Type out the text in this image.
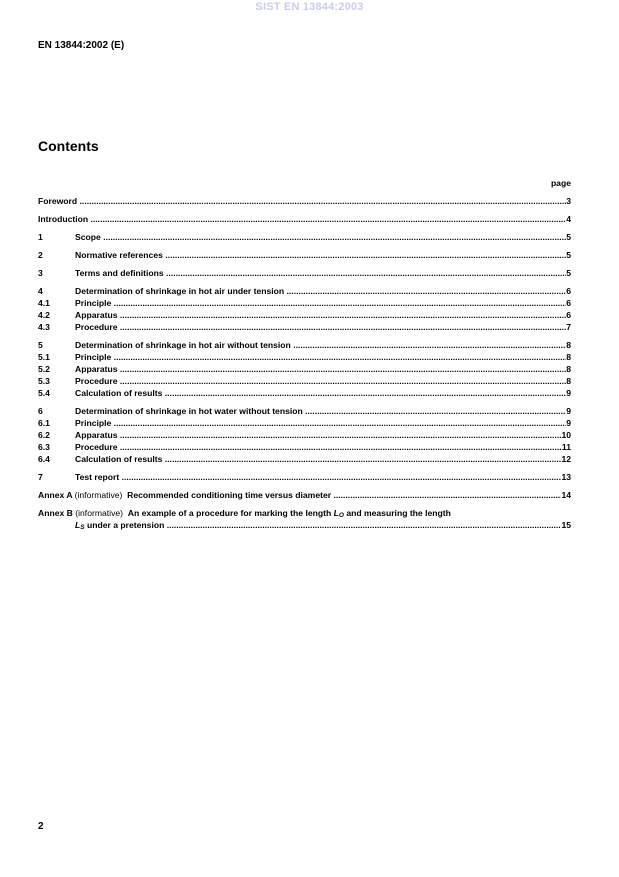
SIST EN 13844:2003
EN 13844:2002 (E)
Contents
page
Foreword .....	3
Introduction .....	4
1	Scope .....	5
2	Normative references .....	5
3	Terms and definitions .....	5
4	Determination of shrinkage in hot air under tension .....	6
4.1	Principle .....	6
4.2	Apparatus .....	6
4.3	Procedure .....	7
5	Determination of shrinkage in hot air without tension .....	8
5.1	Principle .....	8
5.2	Apparatus .....	8
5.3	Procedure .....	8
5.4	Calculation of results .....	9
6	Determination of shrinkage in hot water without tension .....	9
6.1	Principle .....	9
6.2	Apparatus .....	10
6.3	Procedure .....	11
6.4	Calculation of results .....	12
7	Test report .....	13
Annex A (informative) Recommended conditioning time versus diameter .....	14
Annex B
(informative)
An example of a procedure for marking the length
$L_O$
and measuring the length
$L_S$ under a pretension .....	15
2
